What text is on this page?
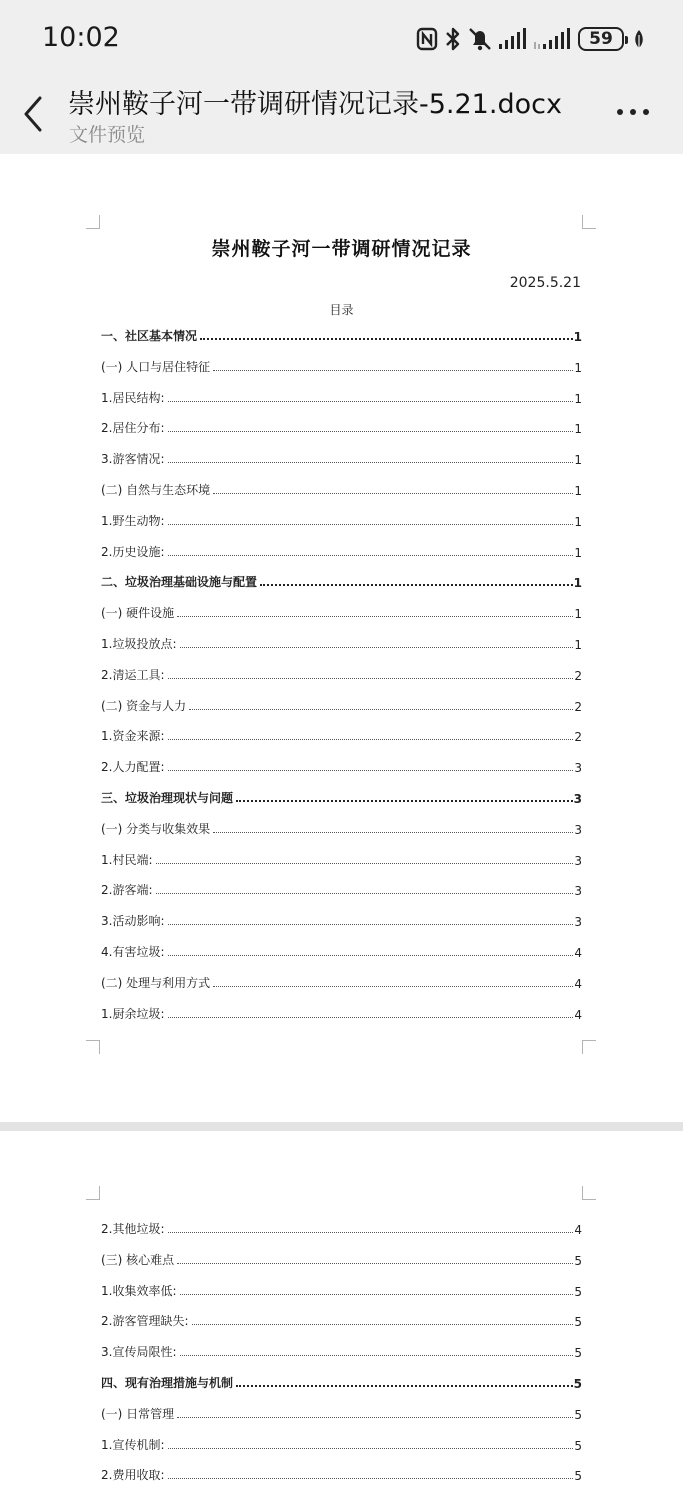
10:02	59
崇州鞍子河一带调研情况记录-5.21.docx
文件预览
崇州鞍子河一带调研情况记录
2025.5.21
目录
一、社区基本情况	1
(一) 人口与居住特征	1
1.居民结构:	1
2.居住分布:	1
3.游客情况:	1
(二) 自然与生态环境	1
1.野生动物:	1
2.历史设施:	1
二、垃圾治理基础设施与配置	1
(一) 硬件设施	1
1.垃圾投放点:	1
2.清运工具:	2
(二) 资金与人力	2
1.资金来源:	2
2.人力配置:	3
三、垃圾治理现状与问题	3
(一) 分类与收集效果	3
1.村民端:	3
2.游客端:	3
3.活动影响:	3
4.有害垃圾:	4
(二) 处理与利用方式	4
1.厨余垃圾:	4
2.其他垃圾:	4
(三) 核心难点	5
1.收集效率低:	5
2.游客管理缺失:	5
3.宣传局限性:	5
四、现有治理措施与机制	5
(一) 日常管理	5
1.宣传机制:	5
2.费用收取:	5
